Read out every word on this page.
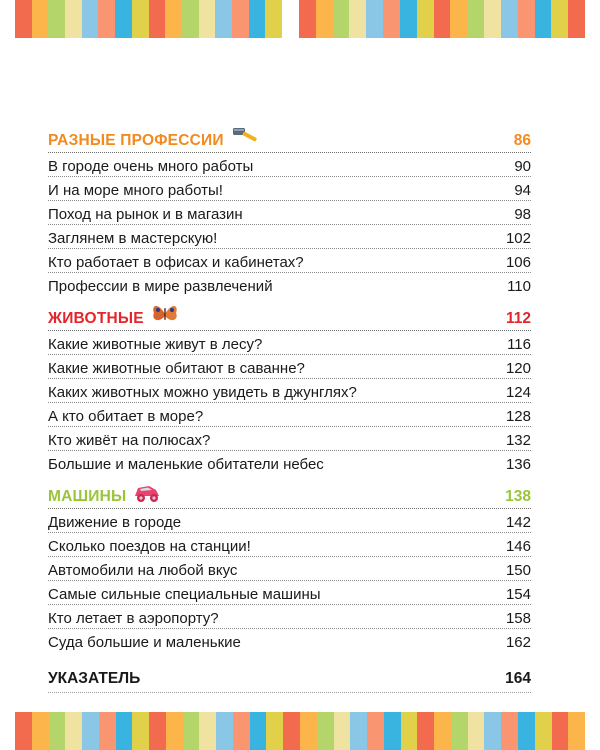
РАЗНЫЕ ПРОФЕССИИ	86
В городе очень много работы	90
И на море много работы!	94
Поход на рынок и в магазин	98
Заглянем в мастерскую!	102
Кто работает в офисах и кабинетах?	106
Профессии в мире развлечений	110
ЖИВОТНЫЕ	112
Какие животные живут в лесу?	116
Какие животные обитают в саванне?	120
Каких животных можно увидеть в джунглях?	124
А кто обитает в море?	128
Кто живёт на полюсах?	132
Большие и маленькие обитатели небес	136
МАШИНЫ	138
Движение в городе	142
Сколько поездов на станции!	146
Автомобили на любой вкус	150
Самые сильные специальные машины	154
Кто летает в аэропорту?	158
Суда большие и маленькие	162
УКАЗАТЕЛЬ	164
